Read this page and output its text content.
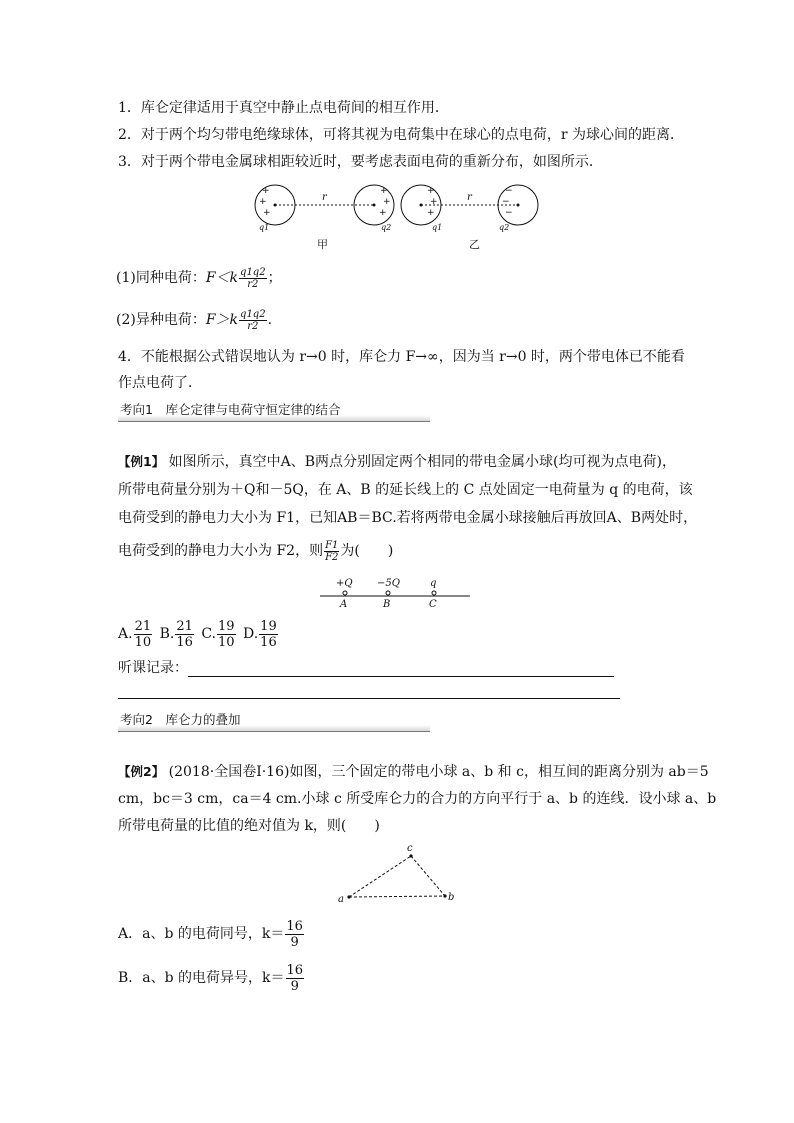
1．库仑定律适用于真空中静止点电荷间的相互作用．
2．对于两个均匀带电绝缘球体，可将其视为电荷集中在球心的点电荷，r 为球心间的距离．
3．对于两个带电金属球相距较近时，要考虑表面电荷的重新分布，如图所示．
+
+
+
+
+
+
+
+
+
−
−
−
r	r
q1	q2	q1	q2
甲	乙
(1)同种电荷：$F<k \frac{q1q2}{r2}$ ；
(2)异种电荷：$F>k \frac{q1q2}{r2}$ .
4．不能根据公式错误地认为 r→0 时，库仑力 F→∞，因为当 r→0 时，两个带电体已不能看
作点电荷了．
考向1　库仑定律与电荷守恒定律的结合
【例1】 如图所示，真空中A、B两点分别固定两个相同的带电金属小球(均可视为点电荷)，
所带电荷量分别为＋Q和－5Q，在 A、B 的延长线上的 C 点处固定一电荷量为 q 的电荷，该
电荷受到的静电力大小为 F1，已知AB＝BC.若将两带电金属小球接触后再放回A、B两处时，
电荷受到的静电力大小为 F2，则 $\frac{F1}{F2}$ 为(　　)
+Q −5Q	q
A	B	C
A. $\frac{21}{10} B$. $\frac{21}{16} C$. $\frac{19}{10} D$. $\frac{19}{16}$
听课记录：
考向2　库仑力的叠加
【例2】 (2018·全国卷Ⅰ·16)如图，三个固定的带电小球 a、b 和 c，相互间的距离分别为 ab＝5
cm，bc＝3 cm，ca＝4 cm.小球 c 所受库仑力的合力的方向平行于 a、b 的连线．设小球 a、b
所带电荷量的比值的绝对值为 k，则(　　)
a	b
c
A．a、b 的电荷同号，$k= \frac{16}{9}$
B．a、b 的电荷异号，$k= \frac{16}{9}$
